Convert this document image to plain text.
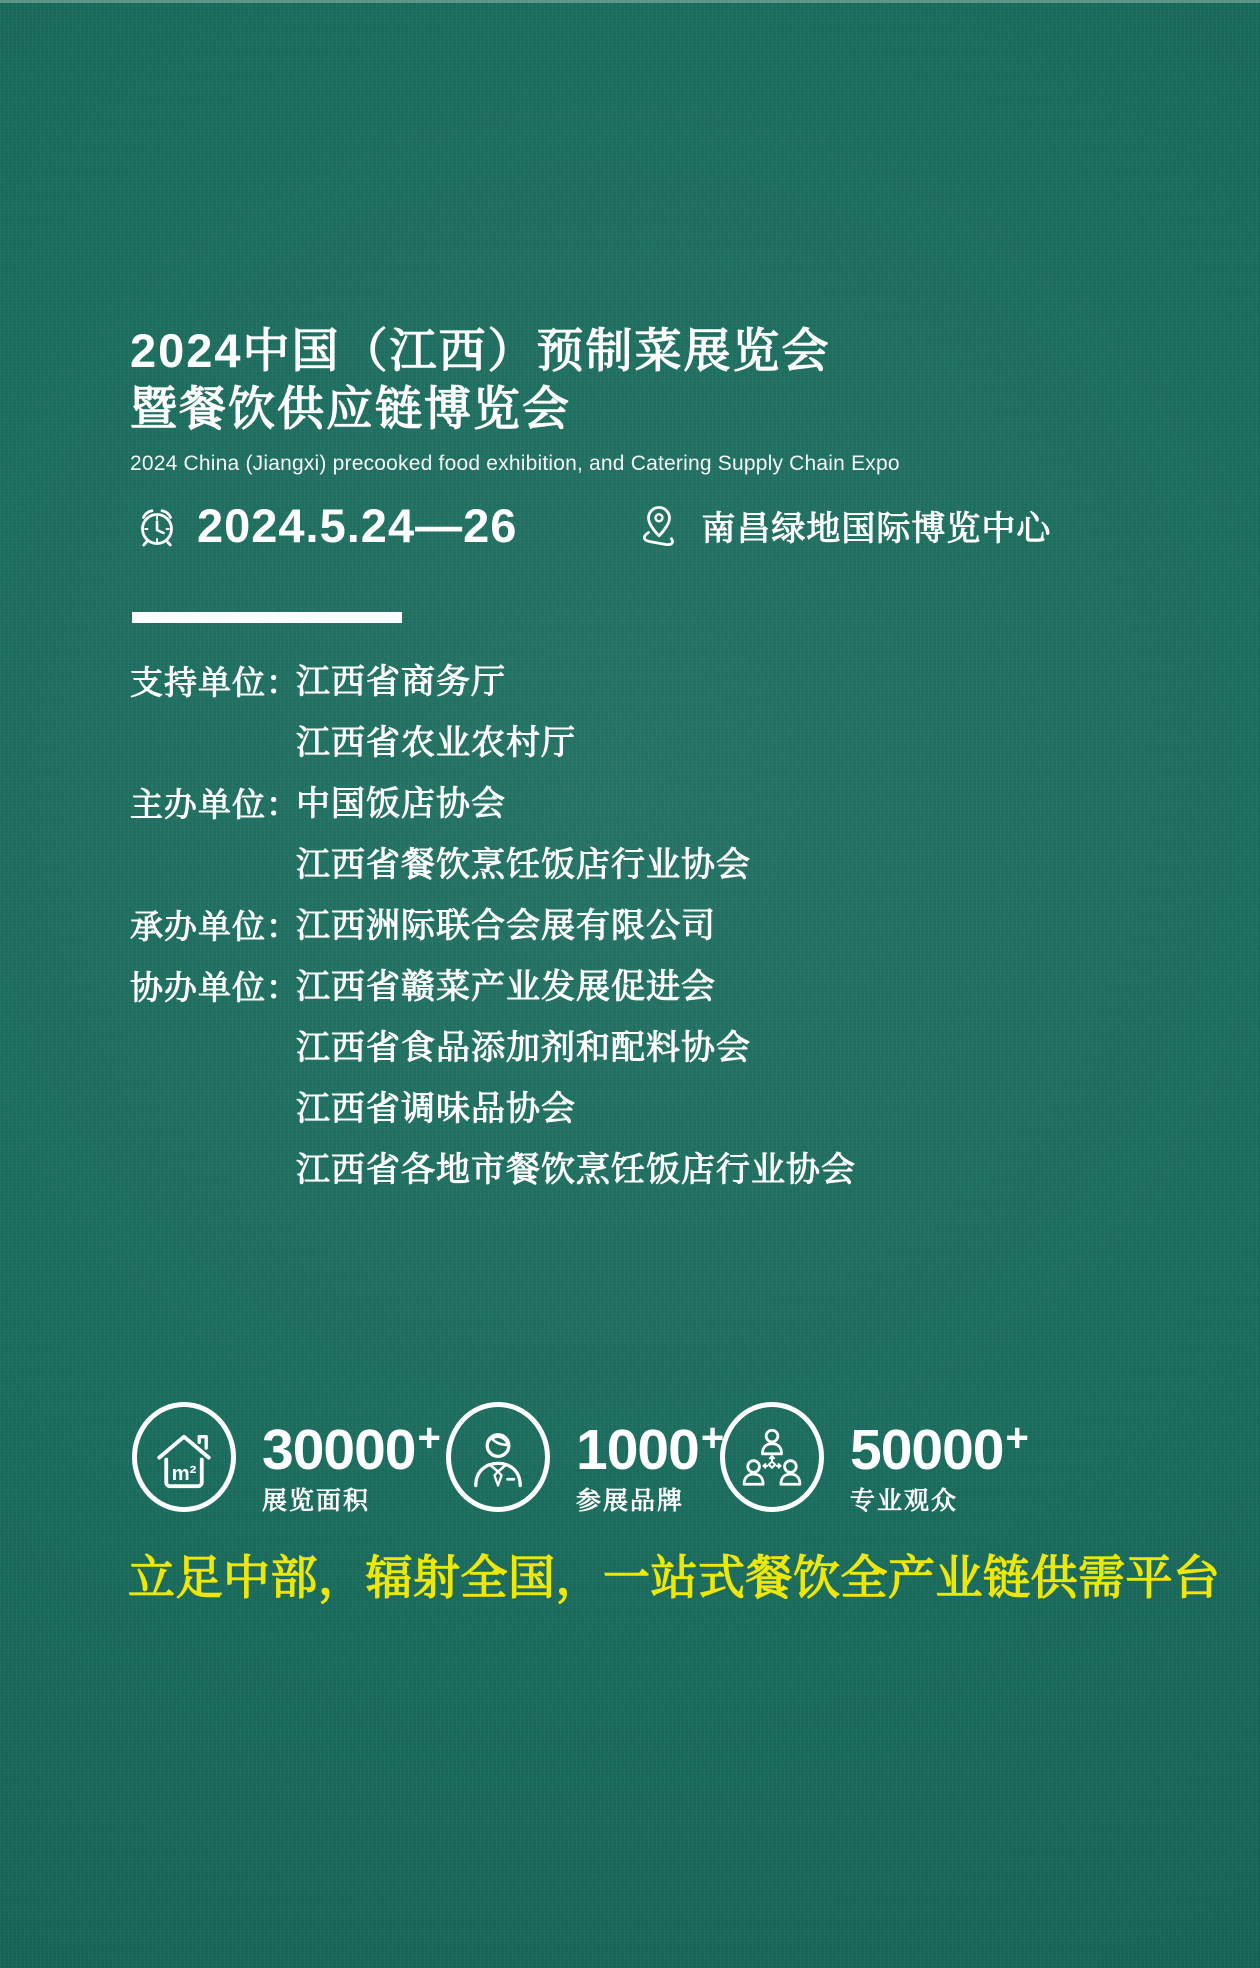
2024中国（江西）预制菜展览会
暨餐饮供应链博览会
2024 China (Jiangxi) precooked food exhibition, and Catering Supply Chain Expo
2024.5.24—26	南昌绿地国际博览中心
支持单位：
江西省商务厅
江西省农业农村厅
主办单位：
中国饭店协会
江西省餐饮烹饪饭店行业协会
承办单位：
江西洲际联合会展有限公司
协办单位：
江西省赣菜产业发展促进会
江西省食品添加剂和配料协会
江西省调味品协会
江西省各地市餐饮烹饪饭店行业协会
m² 30000+
展览面积
1000+
参展品牌
50000+
专业观众
立足中部，辐射全国，一站式餐饮全产业链供需平台
